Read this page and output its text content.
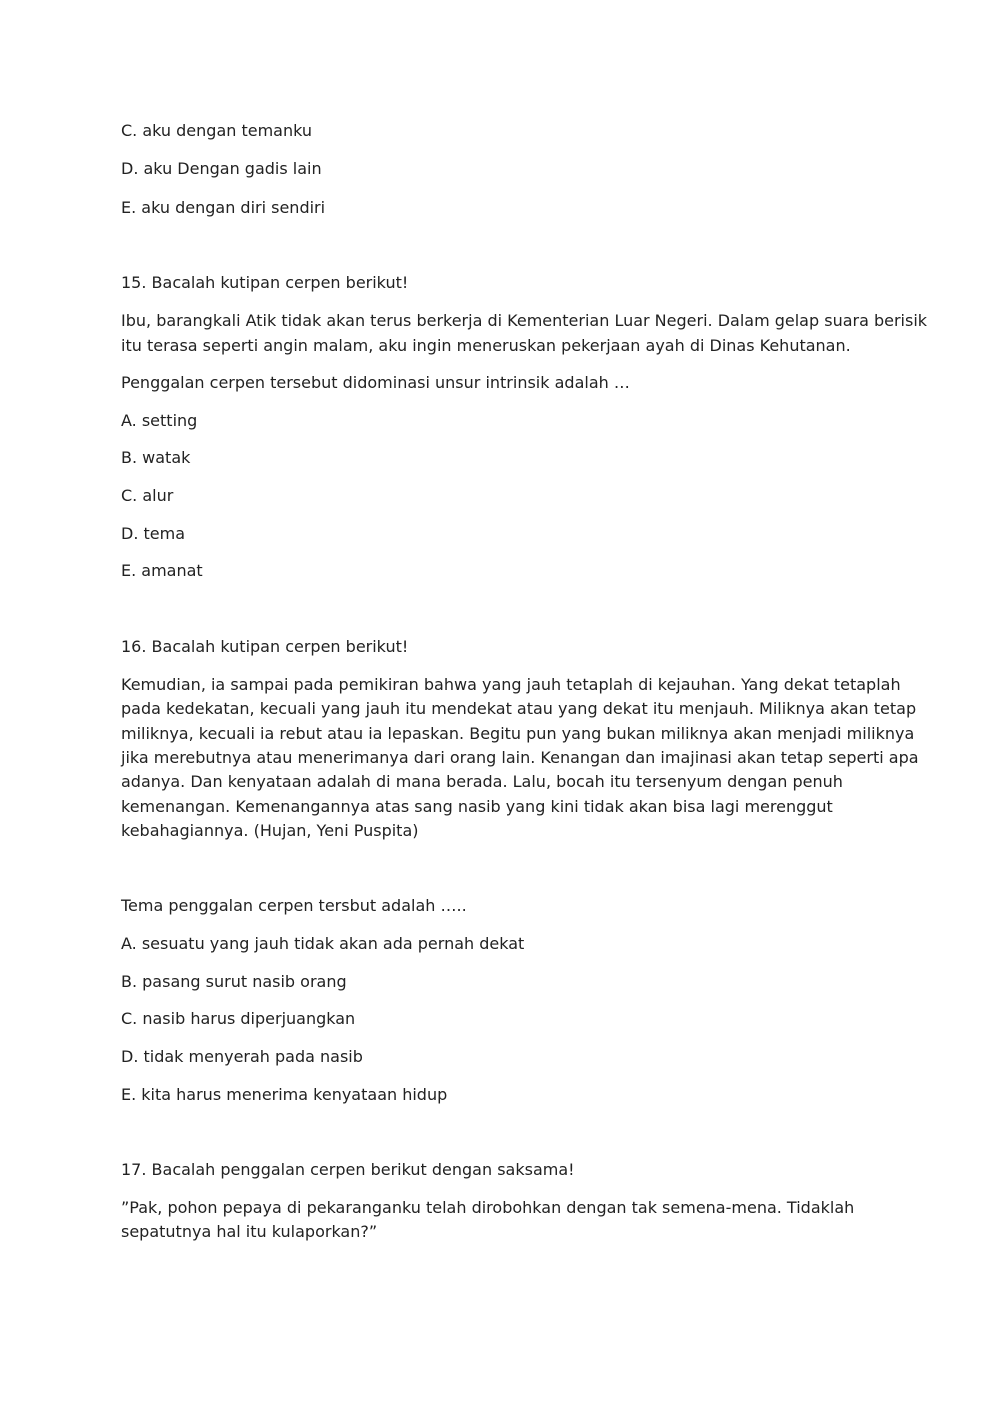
C. aku dengan temanku

D. aku Dengan gadis lain

E. aku dengan diri sendiri

15. Bacalah kutipan cerpen berikut!

Ibu, barangkali Atik tidak akan terus berkerja di Kementerian Luar Negeri. Dalam gelap suara berisik

itu terasa seperti angin malam, aku ingin meneruskan pekerjaan ayah di Dinas Kehutanan.

Penggalan cerpen tersebut didominasi unsur intrinsik adalah …

A. setting

B. watak

C. alur

D. tema

E. amanat

16. Bacalah kutipan cerpen berikut!

Kemudian, ia sampai pada pemikiran bahwa yang jauh tetaplah di kejauhan. Yang dekat tetaplah

pada kedekatan, kecuali yang jauh itu mendekat atau yang dekat itu menjauh. Miliknya akan tetap

miliknya, kecuali ia rebut atau ia lepaskan. Begitu pun yang bukan miliknya akan menjadi miliknya

jika merebutnya atau menerimanya dari orang lain. Kenangan dan imajinasi akan tetap seperti apa

adanya. Dan kenyataan adalah di mana berada. Lalu, bocah itu tersenyum dengan penuh

kemenangan. Kemenangannya atas sang nasib yang kini tidak akan bisa lagi merenggut

kebahagiannya. (Hujan, Yeni Puspita)

Tema penggalan cerpen tersbut adalah …..

A. sesuatu yang jauh tidak akan ada pernah dekat

B. pasang surut nasib orang

C. nasib harus diperjuangkan

D. tidak menyerah pada nasib

E. kita harus menerima kenyataan hidup

17. Bacalah penggalan cerpen berikut dengan saksama!

”Pak, pohon pepaya di pekaranganku telah dirobohkan dengan tak semena-mena. Tidaklah

sepatutnya hal itu kulaporkan?”
